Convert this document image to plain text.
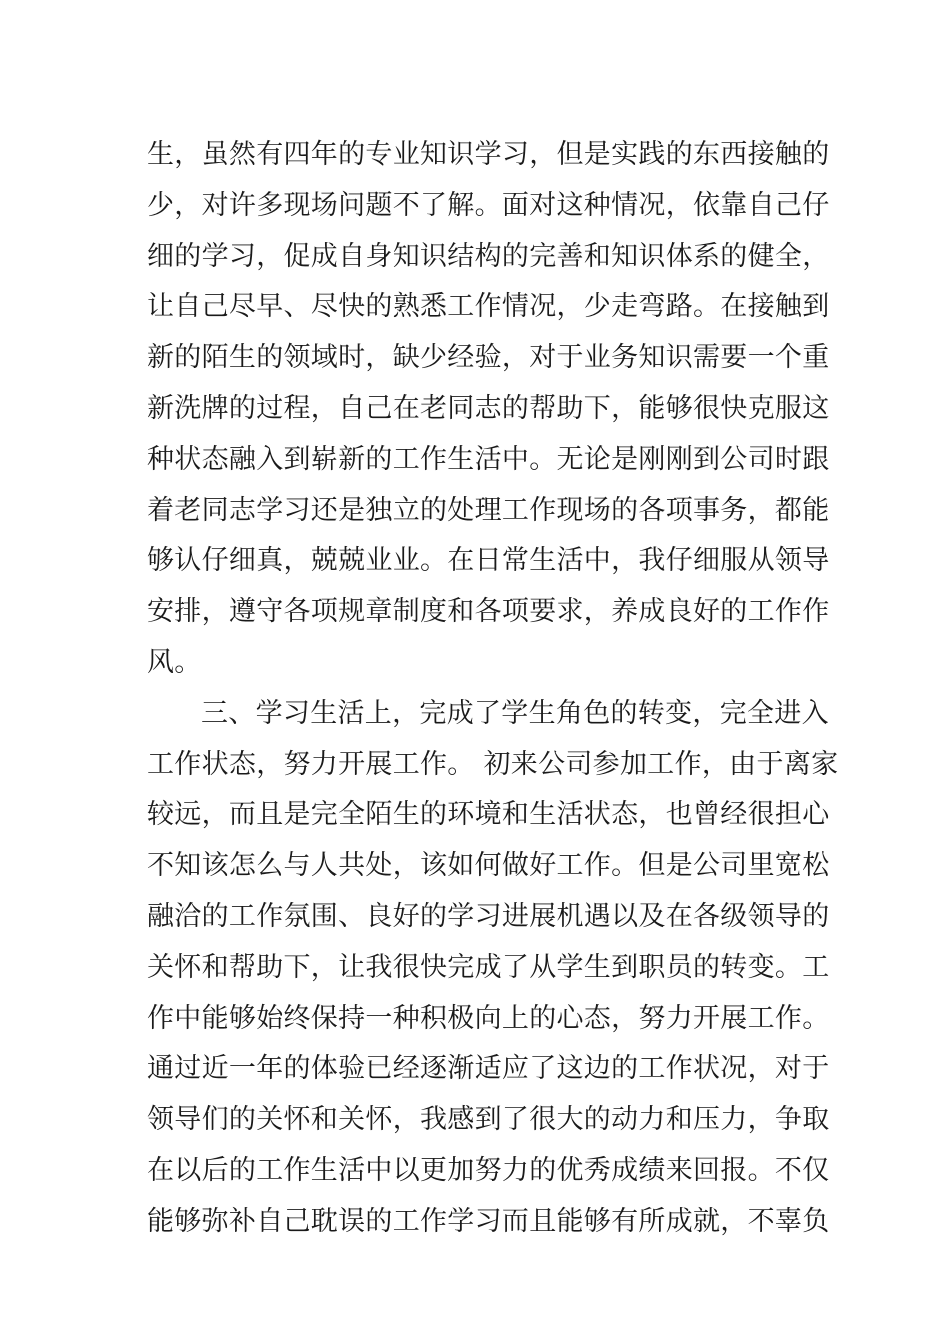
生，虽然有四年的专业知识学习，但是实践的东西接触的
少，对许多现场问题不了解。面对这种情况，依靠自己仔
细的学习，促成自身知识结构的完善和知识体系的健全，
让自己尽早、尽快的熟悉工作情况，少走弯路。在接触到
新的陌生的领域时，缺少经验，对于业务知识需要一个重
新洗牌的过程，自己在老同志的帮助下，能够很快克服这
种状态融入到崭新的工作生活中。无论是刚刚到公司时跟
着老同志学习还是独立的处理工作现场的各项事务，都能
够认仔细真，兢兢业业。在日常生活中，我仔细服从领导
安排，遵守各项规章制度和各项要求，养成良好的工作作
风。
三、学习生活上，完成了学生角色的转变，完全进入
工作状态，努力开展工作。 初来公司参加工作，由于离家
较远，而且是完全陌生的环境和生活状态，也曾经很担心
不知该怎么与人共处，该如何做好工作。但是公司里宽松
融洽的工作氛围、良好的学习进展机遇以及在各级领导的
关怀和帮助下，让我很快完成了从学生到职员的转变。工
作中能够始终保持一种积极向上的心态，努力开展工作。
通过近一年的体验已经逐渐适应了这边的工作状况，对于
领导们的关怀和关怀，我感到了很大的动力和压力，争取
在以后的工作生活中以更加努力的优秀成绩来回报。不仅
能够弥补自己耽误的工作学习而且能够有所成就，不辜负
